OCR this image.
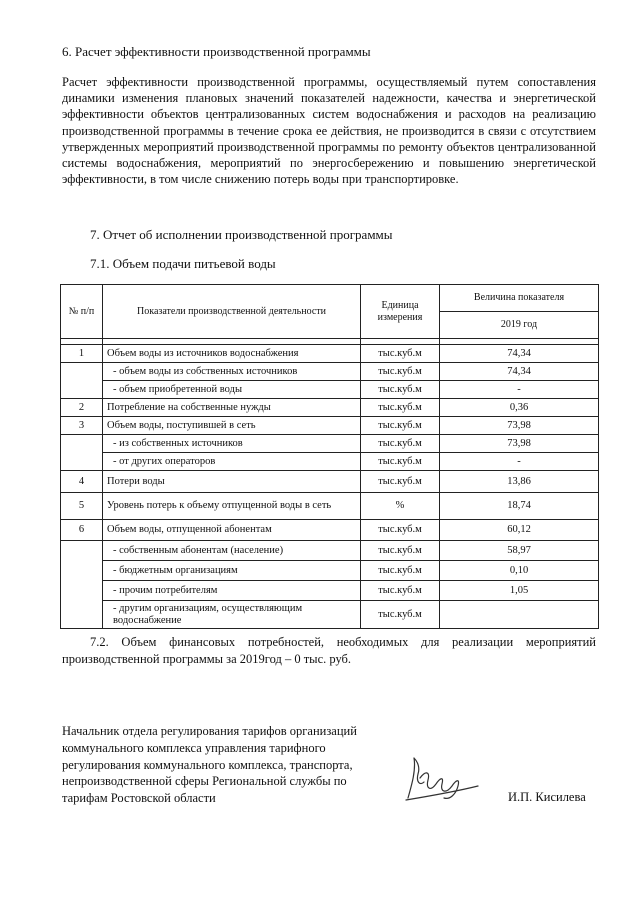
6. Расчет эффективности производственной программы
Расчет эффективности производственной программы, осуществляемый путем сопоставления динамики изменения плановых значений показателей надежности, качества и энергетической эффективности объектов централизованных систем водоснабжения и расходов на реализацию производственной программы в течение срока ее действия, не производится в связи с отсутствием утвержденных мероприятий производственной программы по ремонту объектов централизованной системы водоснабжения, мероприятий по энергосбережению и повышению энергетической эффективности, в том числе снижению потерь воды при транспортировке.
7. Отчет об исполнении производственной программы
7.1. Объем подачи питьевой воды
№ п/п	Показатели производственной деятельности	Единица измерения	Величина показателя
			2019 год

1	Объем воды из источников водоснабжения	тыс.куб.м	74,34
	- объем воды из собственных источников	тыс.куб.м	74,34
	- объем приобретенной воды	тыс.куб.м	-
2	Потребление на собственные нужды	тыс.куб.м	0,36
3	Объем воды, поступившей в сеть	тыс.куб.м	73,98
	- из собственных источников	тыс.куб.м	73,98
	- от других операторов	тыс.куб.м	-
4	Потери воды	тыс.куб.м	13,86
5	Уровень потерь к объему отпущенной воды в сеть	%	18,74
6	Объем воды, отпущенной абонентам	тыс.куб.м	60,12
	- собственным абонентам (население)	тыс.куб.м	58,97
	- бюджетным организациям	тыс.куб.м	0,10
	- прочим потребителям	тыс.куб.м	1,05
	- другим организациям, осуществляющим водоснабжение	тыс.куб.м	
7.2. Объем финансовых потребностей, необходимых для реализации мероприятий производственной программы за 2019год – 0 тыс. руб.
Начальник отдела регулирования тарифов организаций
коммунального комплекса управления тарифного
регулирования коммунального комплекса, транспорта,
непроизводственной сферы Региональной службы по
тарифам Ростовской области	И.П. Кисилева
